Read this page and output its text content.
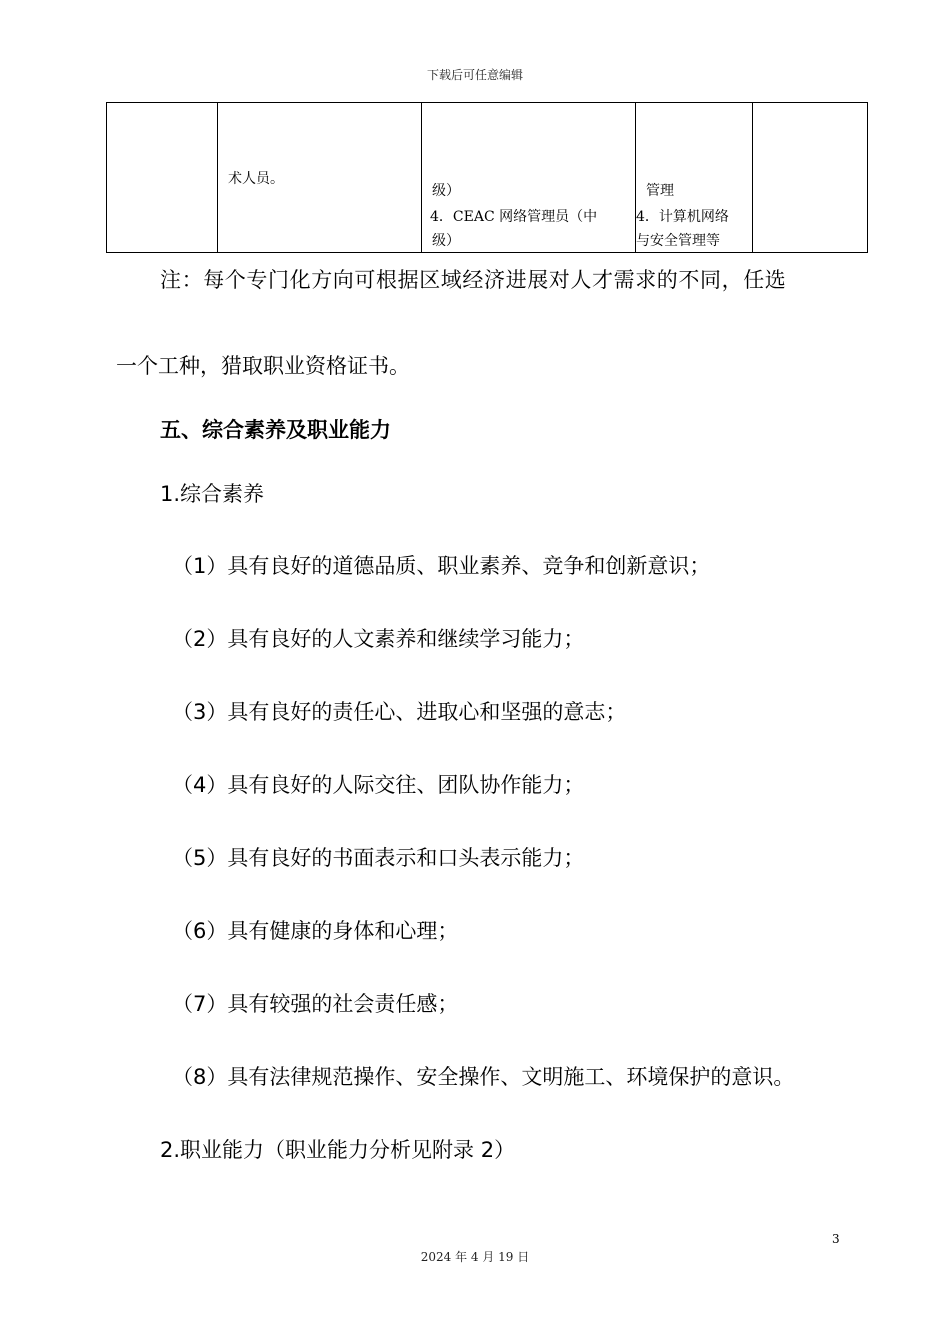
下载后可任意编辑
术人员。
级）
4．CEAC 网络管理员（中
级）
管理
4．计算机网络
与安全管理等
注：每个专门化方向可根据区域经济进展对人才需求的不同，任选
一个工种，猎取职业资格证书。
五、综合素养及职业能力
1.综合素养
（1）具有良好的道德品质、职业素养、竞争和创新意识；
（2）具有良好的人文素养和继续学习能力；
（3）具有良好的责任心、进取心和坚强的意志；
（4）具有良好的人际交往、团队协作能力；
（5）具有良好的书面表示和口头表示能力；
（6）具有健康的身体和心理；
（7）具有较强的社会责任感；
（8）具有法律规范操作、安全操作、文明施工、环境保护的意识。
2.职业能力（职业能力分析见附录 2）
3
2024 年 4 月 19 日
